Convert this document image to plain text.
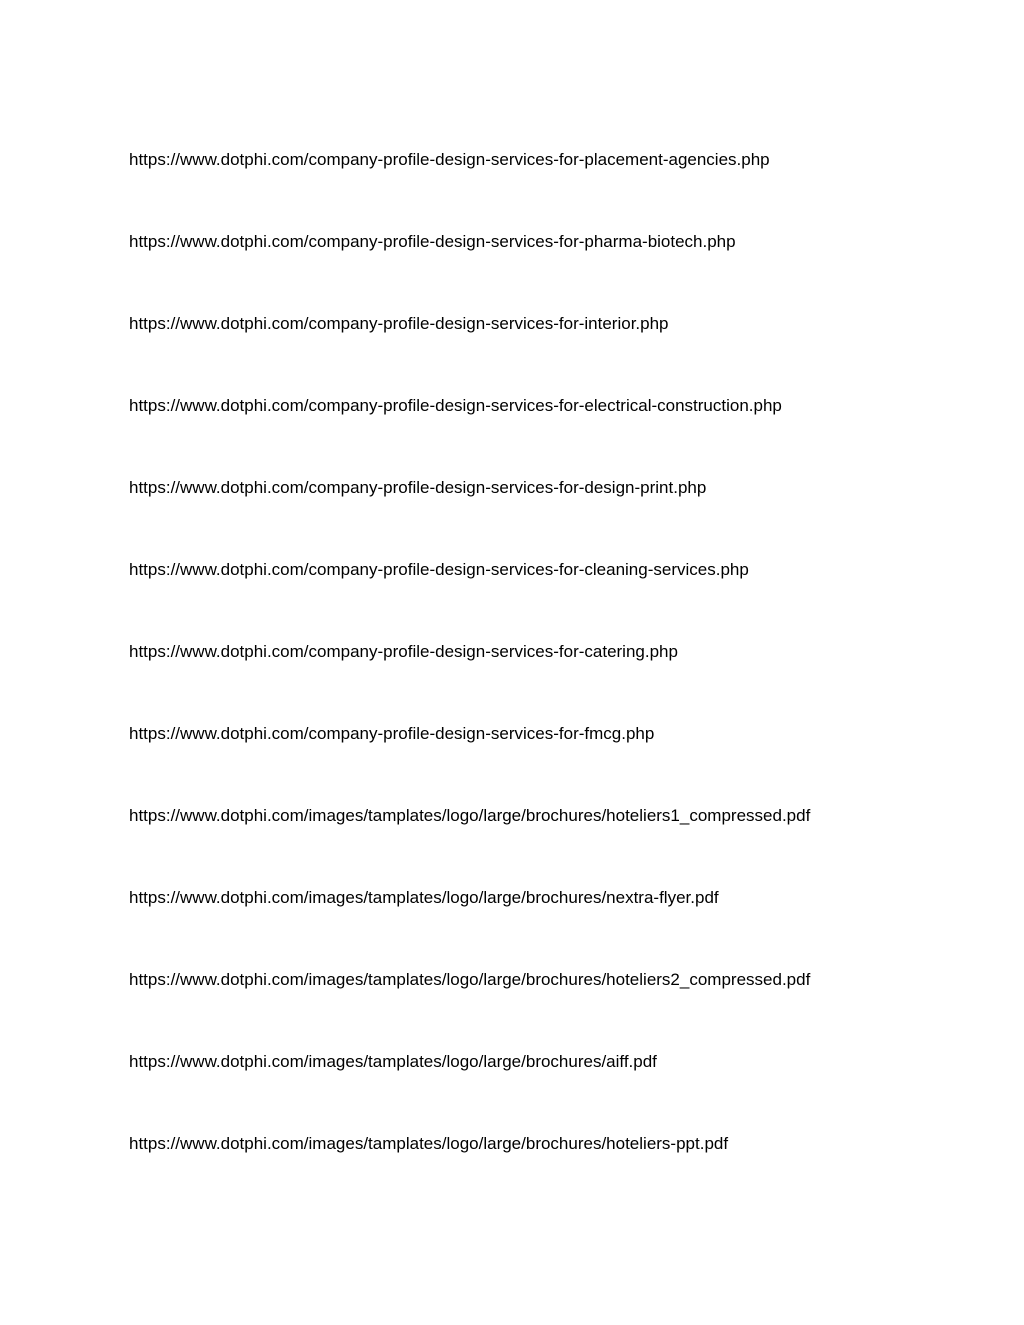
https://www.dotphi.com/company-profile-design-services-for-placement-agencies.php
https://www.dotphi.com/company-profile-design-services-for-pharma-biotech.php
https://www.dotphi.com/company-profile-design-services-for-interior.php
https://www.dotphi.com/company-profile-design-services-for-electrical-construction.php
https://www.dotphi.com/company-profile-design-services-for-design-print.php
https://www.dotphi.com/company-profile-design-services-for-cleaning-services.php
https://www.dotphi.com/company-profile-design-services-for-catering.php
https://www.dotphi.com/company-profile-design-services-for-fmcg.php
https://www.dotphi.com/images/tamplates/logo/large/brochures/hoteliers1_compressed.pdf
https://www.dotphi.com/images/tamplates/logo/large/brochures/nextra-flyer.pdf
https://www.dotphi.com/images/tamplates/logo/large/brochures/hoteliers2_compressed.pdf
https://www.dotphi.com/images/tamplates/logo/large/brochures/aiff.pdf
https://www.dotphi.com/images/tamplates/logo/large/brochures/hoteliers-ppt.pdf
